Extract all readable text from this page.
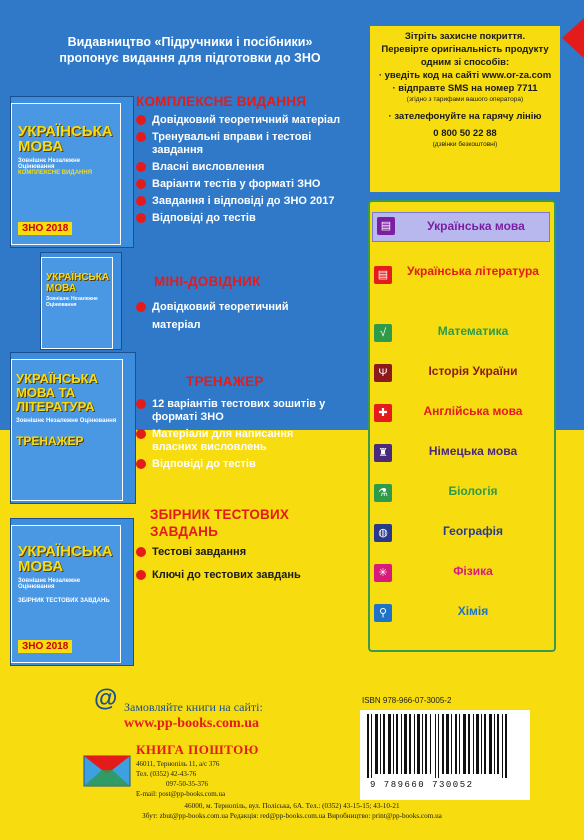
Видавництво «Підручники і посібники»
пропонує видання для підготовки до ЗНО
Зітріть захисне покриття.
Перевірте оригінальність продукту
одним зі способів:
· уведіть код на сайті www.or-za.com
· відправте SMS на номер 7711
(згідно з тарифами вашого оператора)
· зателефонуйте на гарячу лінію
0 800 50 22 88
(дзвінки безкоштовні)
УКРАЇНСЬКА МОВА
Зовнішнє Незалежне Оцінювання
КОМПЛЕКСНЕ ВИДАННЯ
ЗНО 2018
КОМПЛЕКСНЕ ВИДАННЯ
Довідковий теоретичний матеріал
Тренувальні вправи і тестові завдання
Власні висловлення
Варіанти тестів у форматі ЗНО
Завдання і відповіді до ЗНО 2017
Відповіді до тестів
УКРАЇНСЬКА МОВА
Зовнішнє Незалежне Оцінювання
МІНІ-ДОВІДНИК
Довідковий теоретичний матеріал
УКРАЇНСЬКА МОВА ТА ЛІТЕРАТУРА
Зовнішнє Незалежне Оцінювання
ТРЕНАЖЕР
ТРЕНАЖЕР
12 варіантів тестових зошитів у форматі ЗНО
Матеріали для написання власних висловлень
Відповіді до тестів
УКРАЇНСЬКА МОВА
Зовнішнє Незалежне Оцінювання
ЗБІРНИК ТЕСТОВИХ ЗАВДАНЬ
ЗНО 2018
ЗБІРНИК ТЕСТОВИХ ЗАВДАНЬ
Тестові завдання
Ключі до тестових завдань
▤	Українська мова
▤	Українська література
√	Математика
Ψ	Історія України
✚	Англійська мова
♜	Німецька мова
⚗	Біологія
◍	Географія
✳	Фізика
⚲	Хімія
@ Замовляйте книги на сайті:
www.pp-books.com.ua
КНИГА ПОШТОЮ
46011, Тернопіль 11, а/с 376
Тел. (0352) 42-43-76
097-50-35-376
E-mail: post@pp-books.com.ua
ISBN 978-966-07-3005-2
9 789660 730052
46000, м. Тернопіль, вул. Поліська, 6А. Тел.: (0352) 43-15-15; 43-10-21
Збут: zbut@pp-books.com.ua Редакція: red@pp-books.com.ua Виробництво: print@pp-books.com.ua
